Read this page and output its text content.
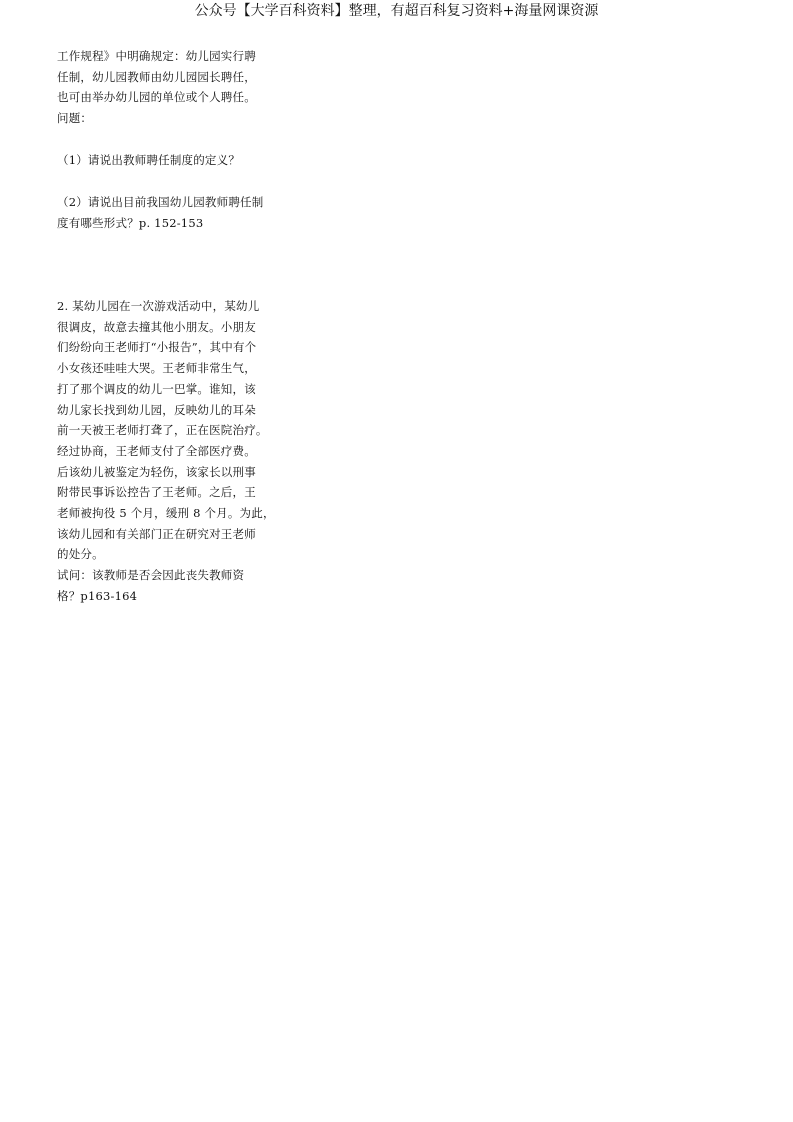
公众号【大学百科资料】整理，有超百科复习资料+海量网课资源
工作规程》中明确规定：幼儿园实行聘
任制，幼儿园教师由幼儿园园长聘任，
也可由举办幼儿园的单位或个人聘任。
问题：
（1）请说出教师聘任制度的定义？
（2）请说出目前我国幼儿园教师聘任制
度有哪些形式？p. 152-153
2. 某幼儿园在一次游戏活动中，某幼儿
很调皮，故意去撞其他小朋友。小朋友
们纷纷向王老师打“小报告”，其中有个
小女孩还哇哇大哭。王老师非常生气，
打了那个调皮的幼儿一巴掌。谁知，该
幼儿家长找到幼儿园，反映幼儿的耳朵
前一天被王老师打聋了，正在医院治疗。
经过协商，王老师支付了全部医疗费。
后该幼儿被鉴定为轻伤，该家长以刑事
附带民事诉讼控告了王老师。之后，王
老师被拘役 5 个月，缓刑 8 个月。为此，
该幼儿园和有关部门正在研究对王老师
的处分。
试问：该教师是否会因此丧失教师资
格？p163-164
